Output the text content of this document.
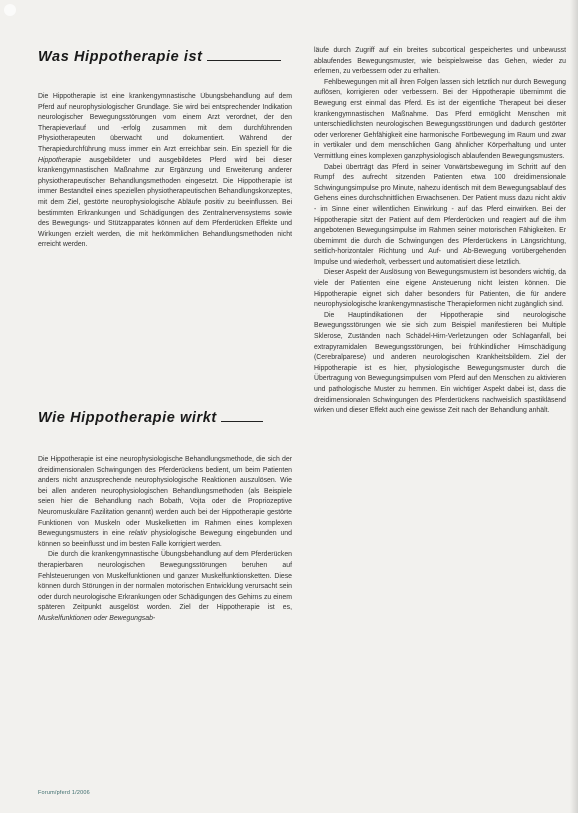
Was Hippotherapie ist

Die Hippotherapie ist eine krankengymnastische Übungsbehandlung auf dem Pferd auf neurophysiologischer Grundlage. Sie wird bei entsprechender Indikation neurologischer Bewegungsstörungen vom einem Arzt verordnet, der den Therapieverlauf und -erfolg zusammen mit dem durchführenden Physiotherapeuten überwacht und dokumentiert. Während der Therapiedurchführung muss immer ein Arzt erreichbar sein. Ein speziell für die Hippotherapie ausgebildeter und ausgebildetes Pferd wird bei dieser krankengymnastischen Maßnahme zur Ergänzung und Erweiterung anderer physiotherapeutischer Behandlungsmethoden eingesetzt. Die Hippotherapie ist immer Bestandteil eines speziellen physiotherapeutischen Behandlungskonzeptes, mit dem Ziel, gestörte neurophysiologische Abläufe positiv zu beeinflussen. Bei bestimmten Erkrankungen und Schädigungen des Zentralnervensystems sowie des Bewegungs- und Stützapparates können auf dem Pferderücken Effekte und Wirkungen erzielt werden, die mit herkömmlichen Behandlungsmethoden nicht erreicht werden.

Wie Hippotherapie wirkt

Die Hippotherapie ist eine neurophysiologische Behandlungsmethode, die sich der dreidimensionalen Schwingungen des Pferderückens bedient, um beim Patienten anders nicht anzusprechende neurophysiologische Reaktionen auszulösen. Wie bei allen anderen neurophysiologischen Behandlungsmethoden (als Beispiele seien hier die Behandlung nach Bobath, Vojta oder die Propriozeptive Neuromuskuläre Fazilitation genannt) werden auch bei der Hippotherapie gestörte Funktionen von Muskeln oder Muskelketten im Rahmen eines komplexen Bewegungsmusters in eine relativ physiologische Bewegung eingebunden und können so beeinflusst und im besten Falle korrigiert werden.

Die durch die krankengymnastische Übungsbehandlung auf dem Pferderücken therapierbaren neurologischen Bewegungsstörungen beruhen auf Fehlsteuerungen von Muskelfunktionen und ganzer Muskelfunktionsketten. Diese können durch Störungen in der normalen motorischen Entwicklung verursacht sein oder durch neurologische Erkrankungen oder Schädigungen des Gehirns zu einem späteren Zeitpunkt ausgelöst worden. Ziel der Hippotherapie ist es, Muskelfunktionen oder Bewegungsab-

läufe durch Zugriff auf ein breites subcortical gespeichertes und unbewusst ablaufendes Bewegungsmuster, wie beispielsweise das Gehen, wieder zu erlernen, zu verbessern oder zu erhalten.

Fehlbewegungen mit all ihren Folgen lassen sich letztlich nur durch Bewegung auflösen, korrigieren oder verbessern. Bei der Hippotherapie übernimmt die Bewegung erst einmal das Pferd. Es ist der eigentliche Therapeut bei dieser krankengymnastischen Maßnahme. Das Pferd ermöglicht Menschen mit unterschiedlichsten neurologischen Bewegungsstörungen und dadurch gestörter oder verlorener Gehfähigkeit eine harmonische Fortbewegung im Raum und zwar in vertikaler und dem menschlichen Gang ähnlicher Körperhaltung und unter Vermittlung eines komplexen ganzphysiologisch ablaufenden Bewegungsmusters.

Dabei überträgt das Pferd in seiner Vorwärtsbewegung im Schritt auf den Rumpf des aufrecht sitzenden Patienten etwa 100 dreidimensionale Schwingungsimpulse pro Minute, nahezu identisch mit dem Bewegungsablauf des Gehens eines durchschnittlichen Erwachsenen. Der Patient muss dazu nicht aktiv - im Sinne einer willentlichen Einwirkung - auf das Pferd einwirken. Bei der Hippotherapie sitzt der Patient auf dem Pferderücken und reagiert auf die ihm angebotenen Bewegungsimpulse im Rahmen seiner motorischen Fähigkeiten. Er übernimmt die durch die Schwingungen des Pferderückens in Längsrichtung, seitlich-horizontaler Richtung und Auf- und Ab-Bewegung vorübergehenden Impulse und wiederholt, verbessert und automatisiert diese letztlich.

Dieser Aspekt der Auslösung von Bewegungsmustern ist besonders wichtig, da viele der Patienten eine eigene Ansteuerung nicht leisten können. Die Hippotherapie eignet sich daher besonders für Patienten, die für andere neurophysiologische krankengymnastische Therapieformen nicht zugänglich sind.

Die Hauptindikationen der Hippotherapie sind neurologische Bewegungsstörungen wie sie sich zum Beispiel manifestieren bei Multiple Sklerose, Zuständen nach Schädel-Hirn-Verletzungen oder Schlaganfall, bei extrapyramidalen Bewegungsstörungen, bei frühkindlicher Hirnschädigung (Cerebralparese) und anderen neurologischen Krankheitsbildern. Ziel der Hippotherapie ist es hier, physiologische Bewegungsmuster durch die Übertragung von Bewegungsimpulsen vom Pferd auf den Menschen zu aktivieren und pathologische Muster zu hemmen. Ein wichtiger Aspekt dabei ist, dass die dreidimensionalen Schwingungen des Pferderückens nachweislich spastikläsend wirken und dieser Effekt auch eine gewisse Zeit nach der Behandlung anhält.

Forum/pferd 1/2006
